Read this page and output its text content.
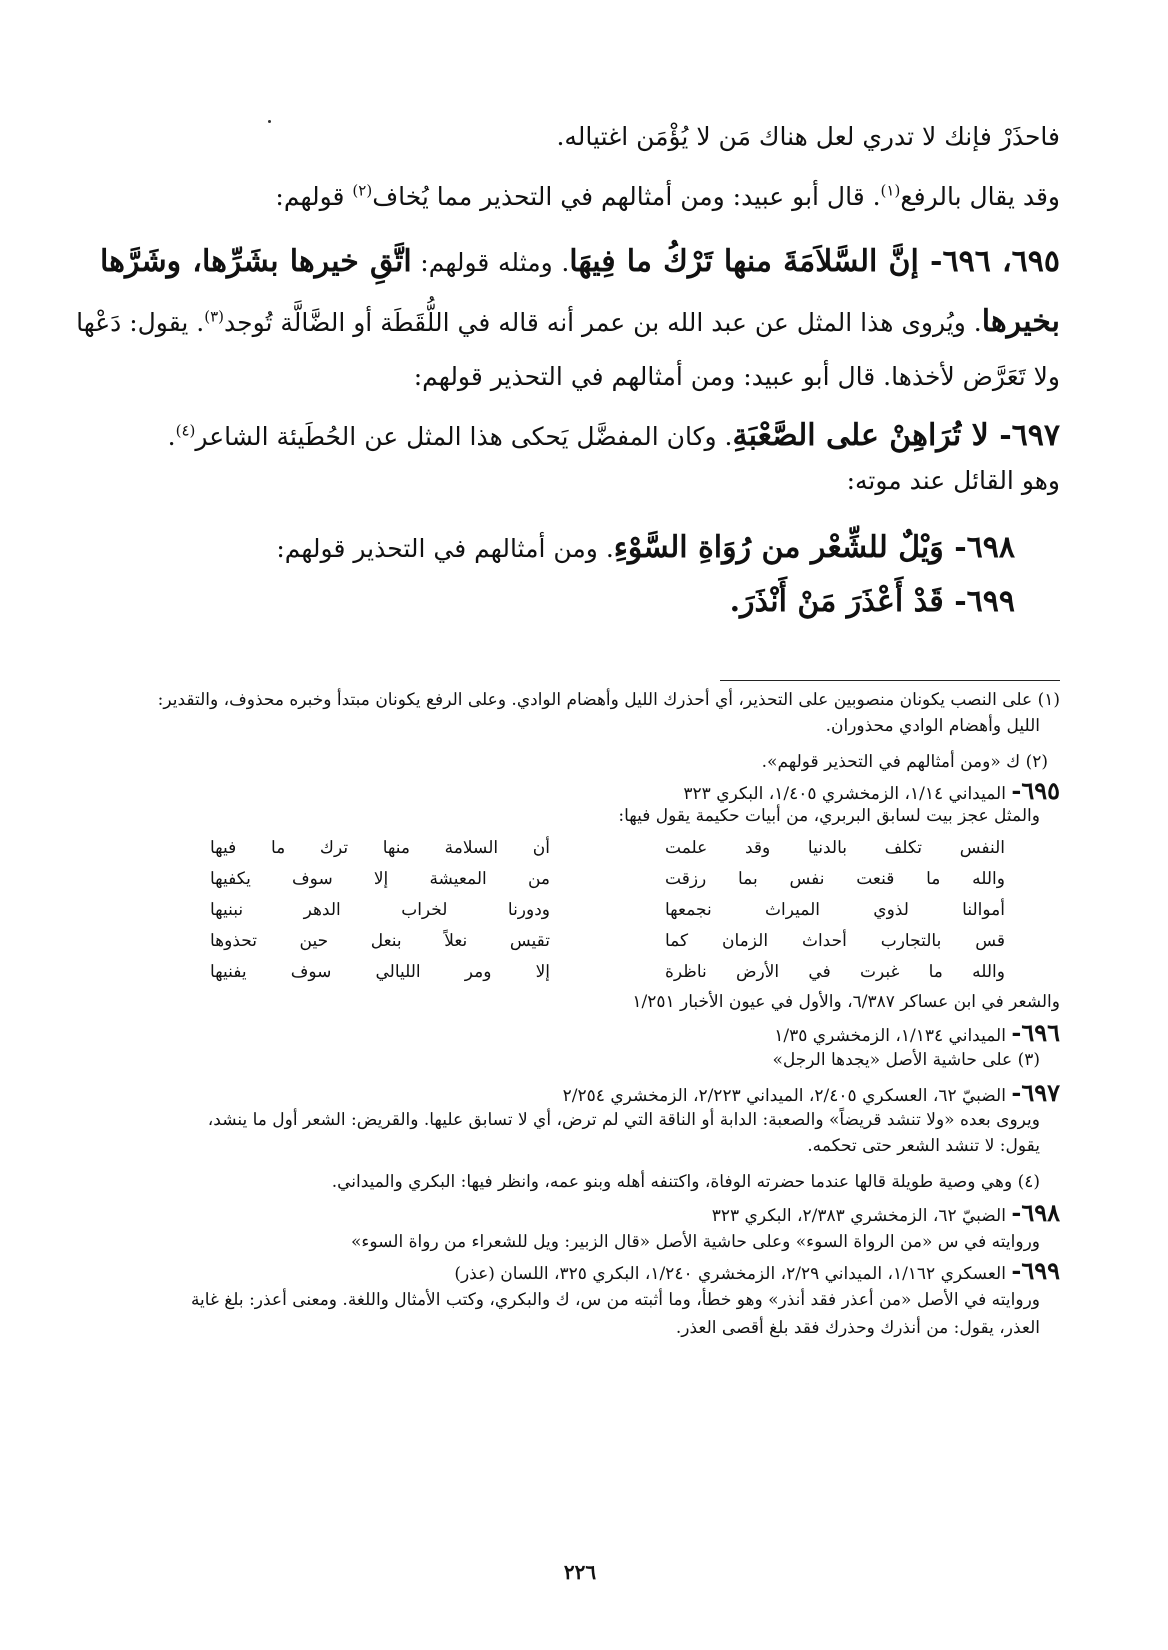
فاحذَرْ فإنك لا تدري لعل هناك مَن لا يُؤْمَن اغتياله.
وقد يقال بالرفع$^{(١)}$. قال أبو عبيد: ومن أمثالهم في التحذير مما يُخاف$^{(٢)}$ قولهم:
٦٩٥، ٦٩٦- إنَّ السَّلاَمَةَ منها تَرْكُ ما فِيهَا. ومثله قولهم: اتَّقِ خيرها بشَرِّها، وشَرَّها
بخيرها. ويُروى هذا المثل عن عبد الله بن عمر أنه قاله في اللُّقَطَة أو الضَّالَّة تُوجد$^{(٣)}$. يقول: دَعْها
ولا تَعَرَّض لأخذها. قال أبو عبيد: ومن أمثالهم في التحذير قولهم:
٦٩٧- لا تُرَاهِنْ على الصَّعْبَةِ. وكان المفضَّل يَحكى هذا المثل عن الحُطَيئة الشاعر$^{(٤)}$.
وهو القائل عند موته:
٦٩٨- وَيْلٌ للشِّعْر من رُوَاةِ السَّوْءِ. ومن أمثالهم في التحذير قولهم:
٦٩٩- قَدْ أَعْذَرَ مَنْ أَنْذَرَ.
(١) على النصب يكونان منصوبين على التحذير، أي أحذرك الليل وأهضام الوادي. وعلى الرفع يكونان مبتدأ وخبره محذوف، والتقدير:
الليل وأهضام الوادي محذوران.
(٢) ك «ومن أمثالهم في التحذير قولهم».
٦٩٥- الميداني ١/١٤، الزمخشري ١/٤٠٥، البكري ٣٢٣
والمثل عجز بيت لسابق البربري، من أبيات حكيمة يقول فيها:
النفس تكلف بالدنيا وقد علمت
أن السلامة منها ترك ما فيها
والله ما قنعت نفس بما رزقت
من المعيشة إلا سوف يكفيها
أموالنا لذوي الميراث نجمعها
ودورنا لخراب الدهر نبنيها
قس بالتجارب أحداث الزمان كما
تقيس نعلاً بنعل حين تحذوها
والله ما غبرت في الأرض ناظرة
إلا ومر الليالي سوف يفنيها
والشعر في ابن عساكر ٦/٣٨٧، والأول في عيون الأخبار ١/٢٥١
٦٩٦- الميداني ١/١٣٤، الزمخشري ١/٣٥
(٣) على حاشية الأصل «يجدها الرجل»
٦٩٧- الضبيّ ٦٢، العسكري ٢/٤٠٥، الميداني ٢/٢٢٣، الزمخشري ٢/٢٥٤
ويروى بعده «ولا تنشد قريضاً» والصعبة: الدابة أو الناقة التي لم ترض، أي لا تسابق عليها. والقريض: الشعر أول ما ينشد،
يقول: لا تنشد الشعر حتى تحكمه.
(٤) وهي وصية طويلة قالها عندما حضرته الوفاة، واكتنفه أهله وبنو عمه، وانظر فيها: البكري والميداني.
٦٩٨- الضبيّ ٦٢، الزمخشري ٢/٣٨٣، البكري ٣٢٣
وروايته في س «من الرواة السوء» وعلى حاشية الأصل «قال الزبير: ويل للشعراء من رواة السوء»
٦٩٩- العسكري ١/١٦٢، الميداني ٢/٢٩، الزمخشري ١/٢٤٠، البكري ٣٢٥، اللسان (عذر)
وروايته في الأصل «من أعذر فقد أنذر» وهو خطأ، وما أثبته من س، ك والبكري، وكتب الأمثال واللغة. ومعنى أعذر: بلغ غاية
العذر، يقول: من أنذرك وحذرك فقد بلغ أقصى العذر.
٢٢٦
